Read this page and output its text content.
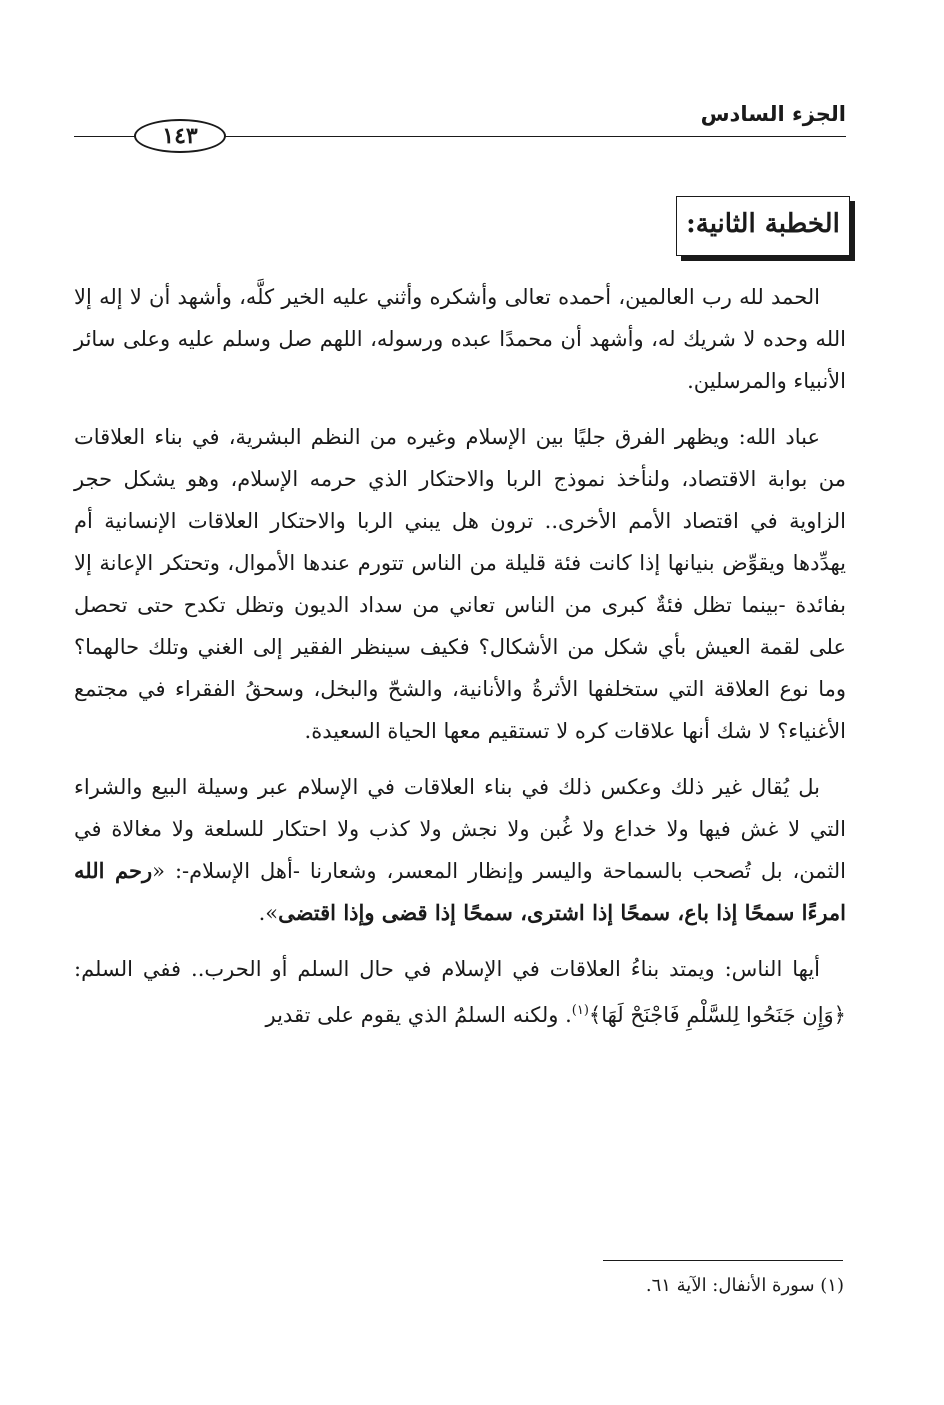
الجزء السادس
١٤٣
الخطبة الثانية:

الحمد لله رب العالمين، أحمده تعالى وأشكره وأثني عليه الخير كلَّه، وأشهد أن لا إله إلا الله وحده لا شريك له، وأشهد أن محمدًا عبده ورسوله، اللهم صل وسلم عليه وعلى سائر الأنبياء والمرسلين.

عباد الله: ويظهر الفرق جليًا بين الإسلام وغيره من النظم البشرية، في بناء العلاقات من بوابة الاقتصاد، ولنأخذ نموذج الربا والاحتكار الذي حرمه الإسلام، وهو يشكل حجر الزاوية في اقتصاد الأمم الأخرى.. ترون هل يبني الربا والاحتكار العلاقات الإنسانية أم يهدِّدها ويقوِّض بنيانها إذا كانت فئة قليلة من الناس تتورم عندها الأموال، وتحتكر الإعانة إلا بفائدة -بينما تظل فئةٌ كبرى من الناس تعاني من سداد الديون وتظل تكدح حتى تحصل على لقمة العيش بأي شكل من الأشكال؟ فكيف سينظر الفقير إلى الغني وتلك حالهما؟ وما نوع العلاقة التي ستخلفها الأثرةُ والأنانية، والشحّ والبخل، وسحقُ الفقراء في مجتمع الأغنياء؟ لا شك أنها علاقات كره لا تستقيم معها الحياة السعيدة.

بل يُقال غير ذلك وعكس ذلك في بناء العلاقات في الإسلام عبر وسيلة البيع والشراء التي لا غش فيها ولا خداع ولا غُبن ولا نجش ولا كذب ولا احتكار للسلعة ولا مغالاة في الثمن، بل تُصحب بالسماحة واليسر وإنظار المعسر، وشعارنا -أهل الإسلام-: «رحم الله امرءًا سمحًا إذا باع، سمحًا إذا اشترى، سمحًا إذا قضى وإذا اقتضى».

أيها الناس: ويمتد بناءُ العلاقات في الإسلام في حال السلم أو الحرب.. ففي السلم: ﴿وَإِن جَنَحُوا لِلسَّلْمِ فَاجْنَحْ لَهَا﴾$^{(١)}$. ولكنه السلمُ الذي يقوم على تقدير

(١) سورة الأنفال: الآية ٦١.
